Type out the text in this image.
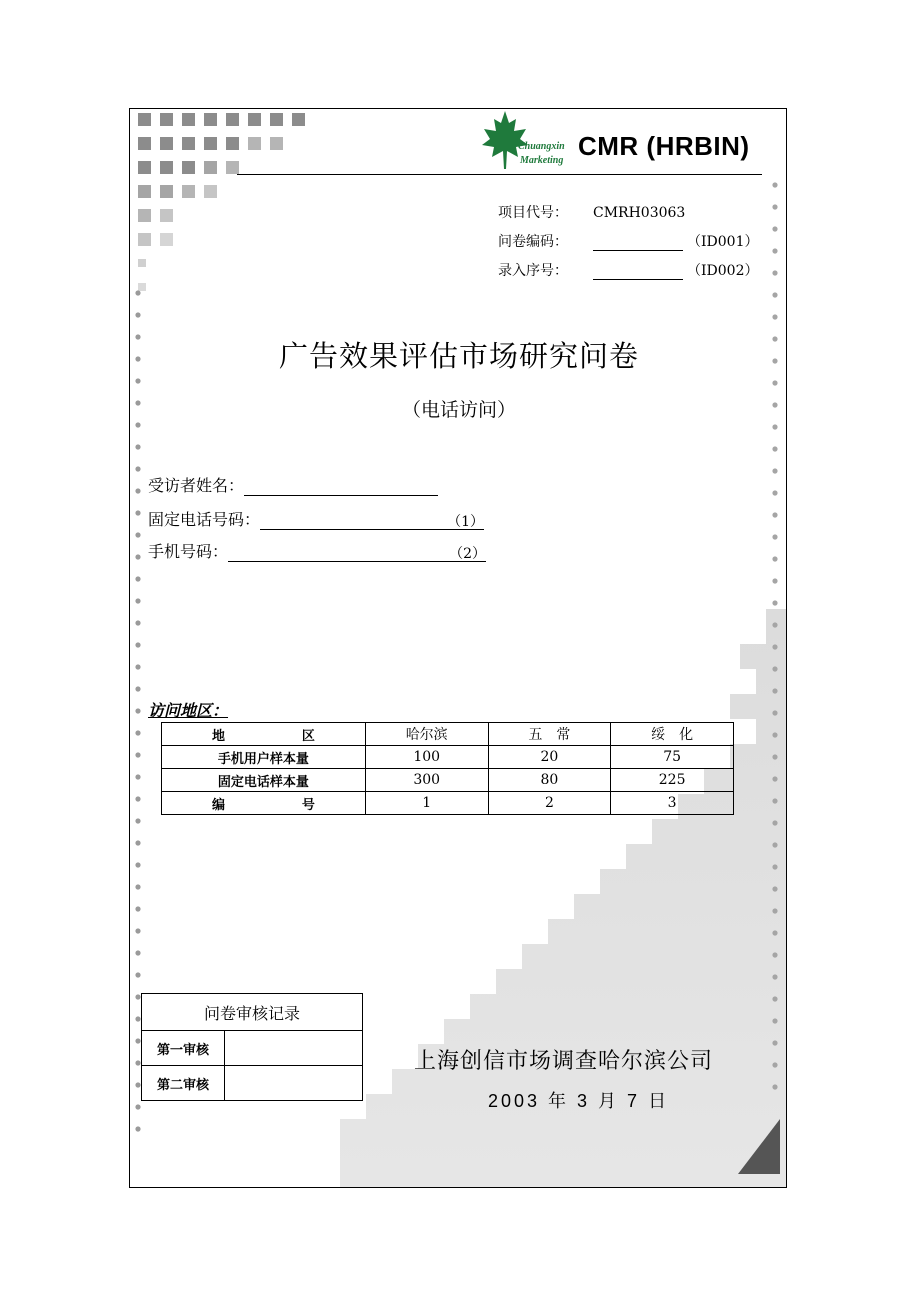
Chuangxin
Marketing CMR (HRBIN)
项目代号： CMRH03063
问卷编码：	（ID001）
录入序号：	（ID002）
广告效果评估市场研究问卷
（电话访问）
受访者姓名：
固定电话号码：	（1）
手机号码：	（2）
访问地区：
地 区	哈尔滨	五　常	绥　化
手机用户样本量	100	20	75
固定电话样本量	300	80	225

编 号	1	2	3
问卷审核记录	
第一审核	
第二审核	
上海创信市场调查哈尔滨公司
2003 年 3 月 7 日
